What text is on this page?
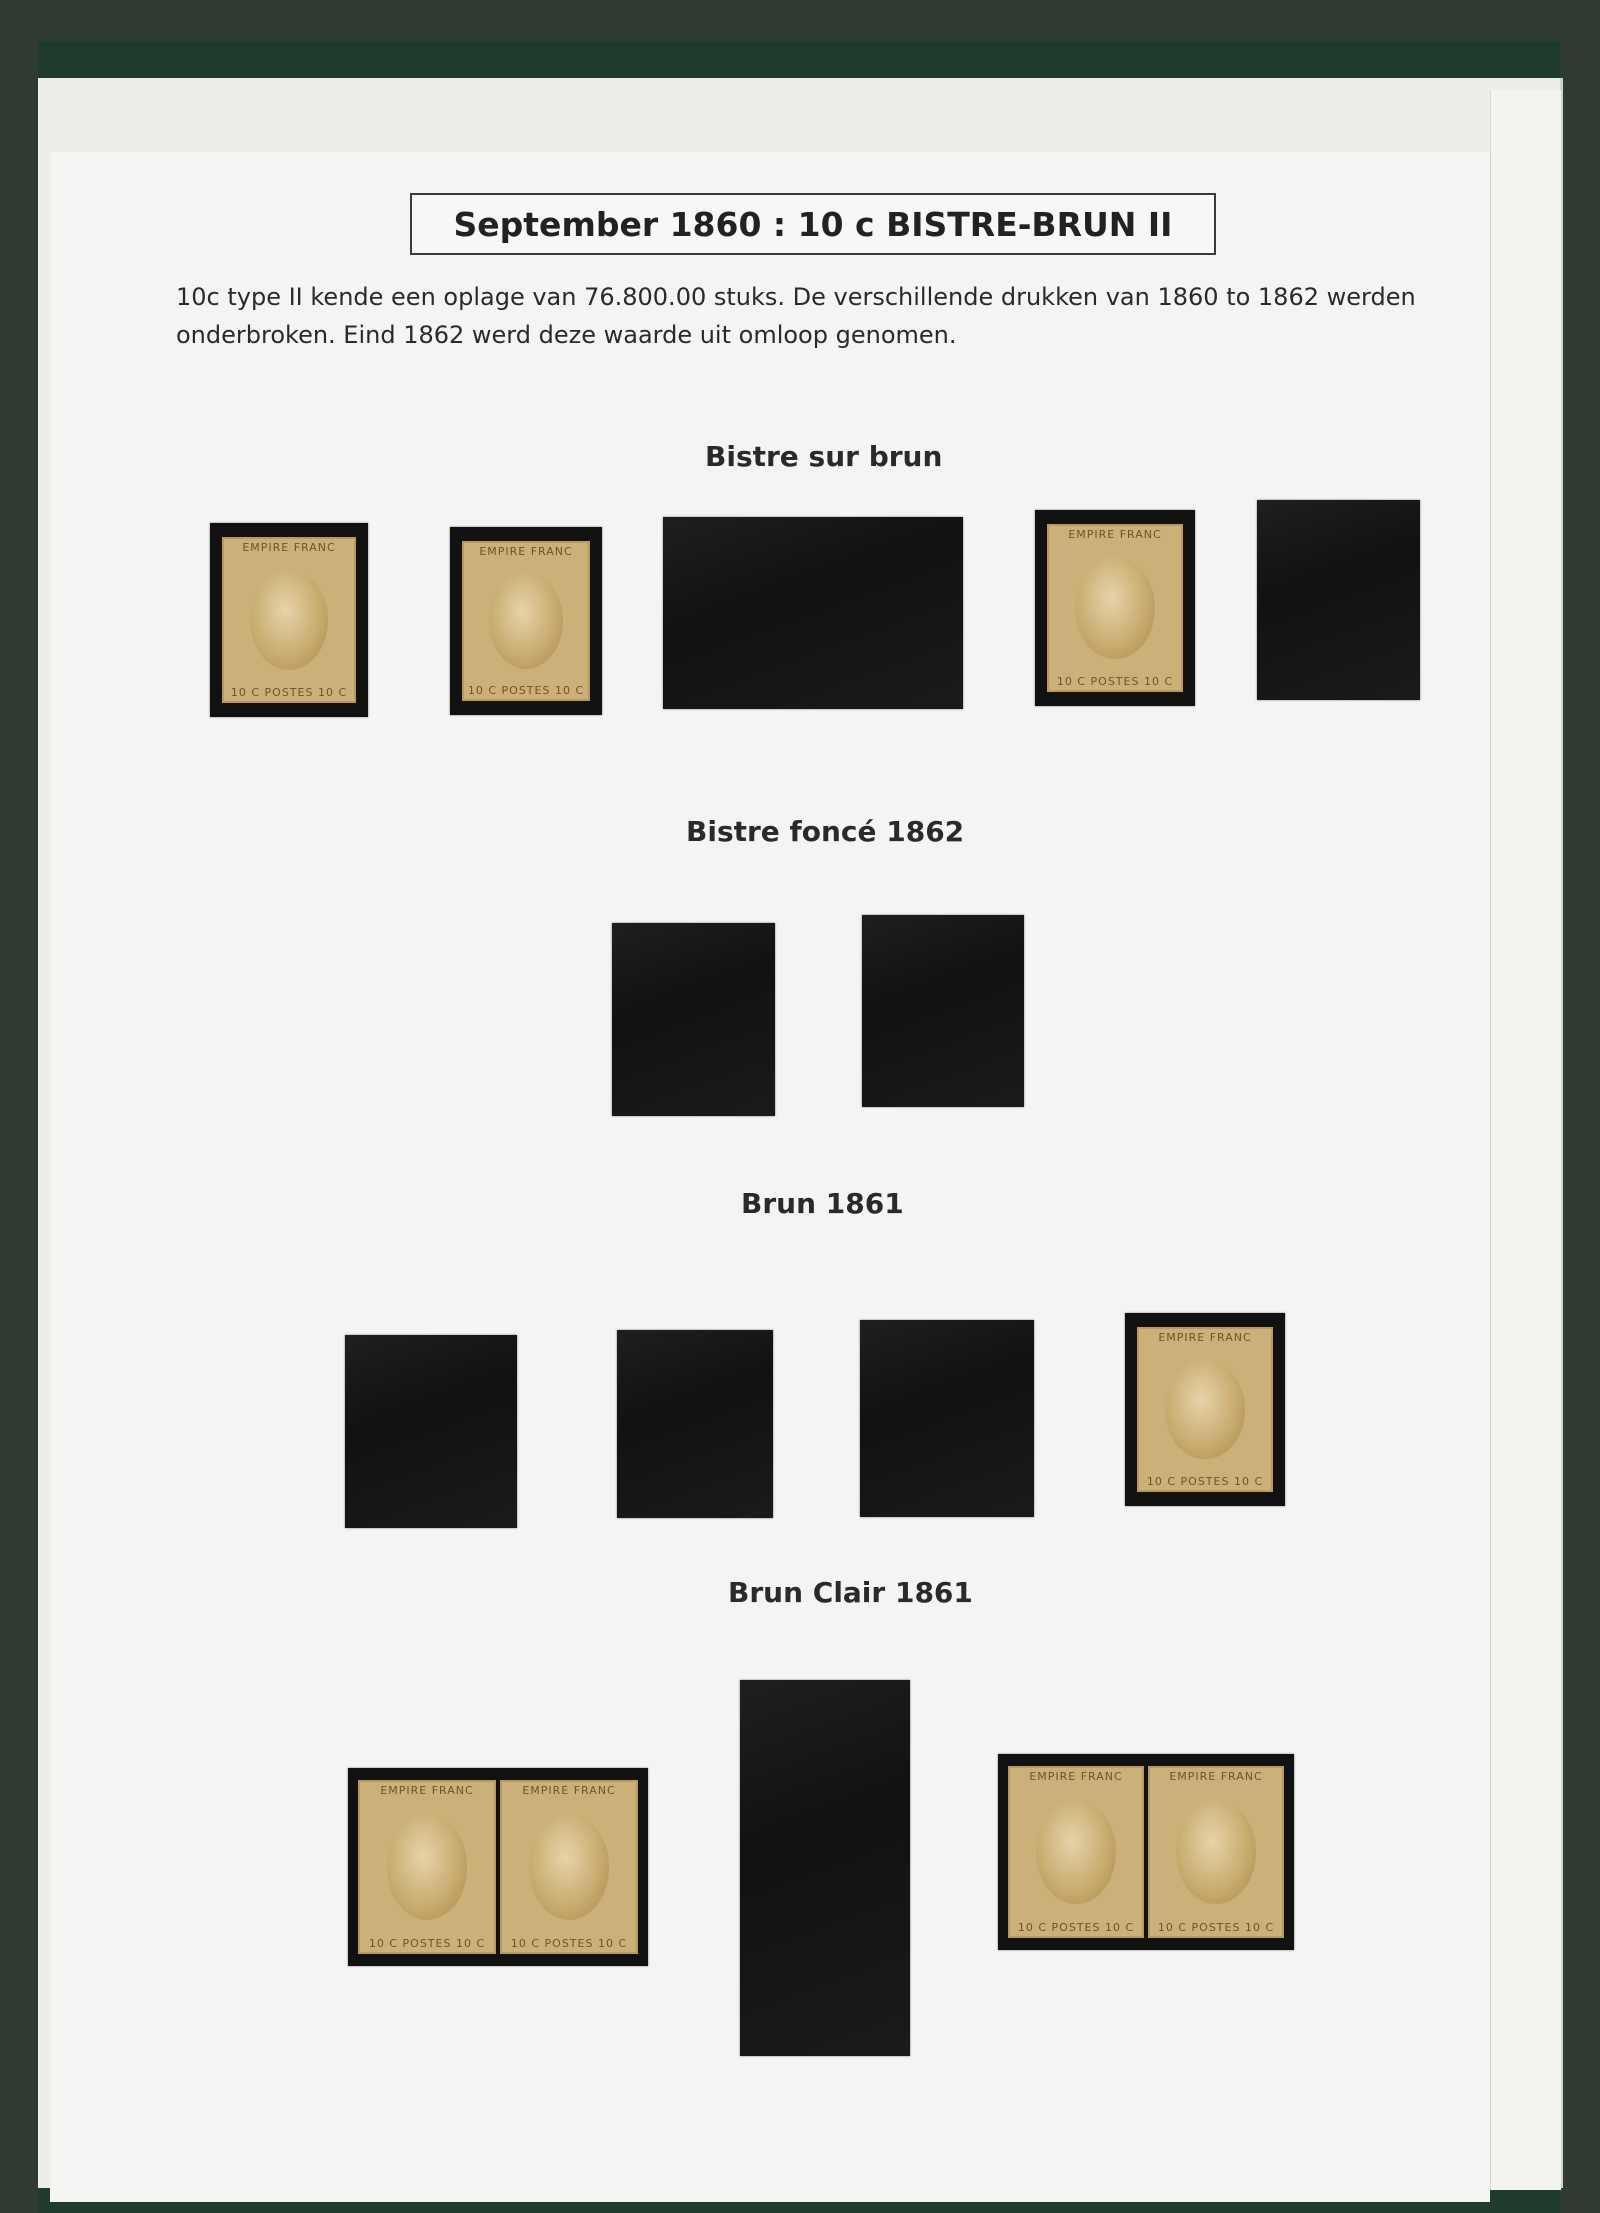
September 1860 : 10 c BISTRE-BRUN II

10c type II kende een oplage van 76.800.00 stuks. De verschillende drukken van 1860 to 1862 werden

onderbroken. Eind 1862 werd deze waarde uit omloop genomen.

Bistre sur brun
EMPIRE FRANC
10 C POSTES 10 C
EMPIRE FRANC
10 C POSTES 10 C
EMPIRE FRANC
10 C POSTES 10 C
Bistre foncé 1862
Brun 1861
EMPIRE FRANC
10 C POSTES 10 C
Brun Clair 1861
EMPIRE FRANC
10 C POSTES 10 C
EMPIRE FRANC
10 C POSTES 10 C
EMPIRE FRANC
10 C POSTES 10 C
EMPIRE FRANC
10 C POSTES 10 C
